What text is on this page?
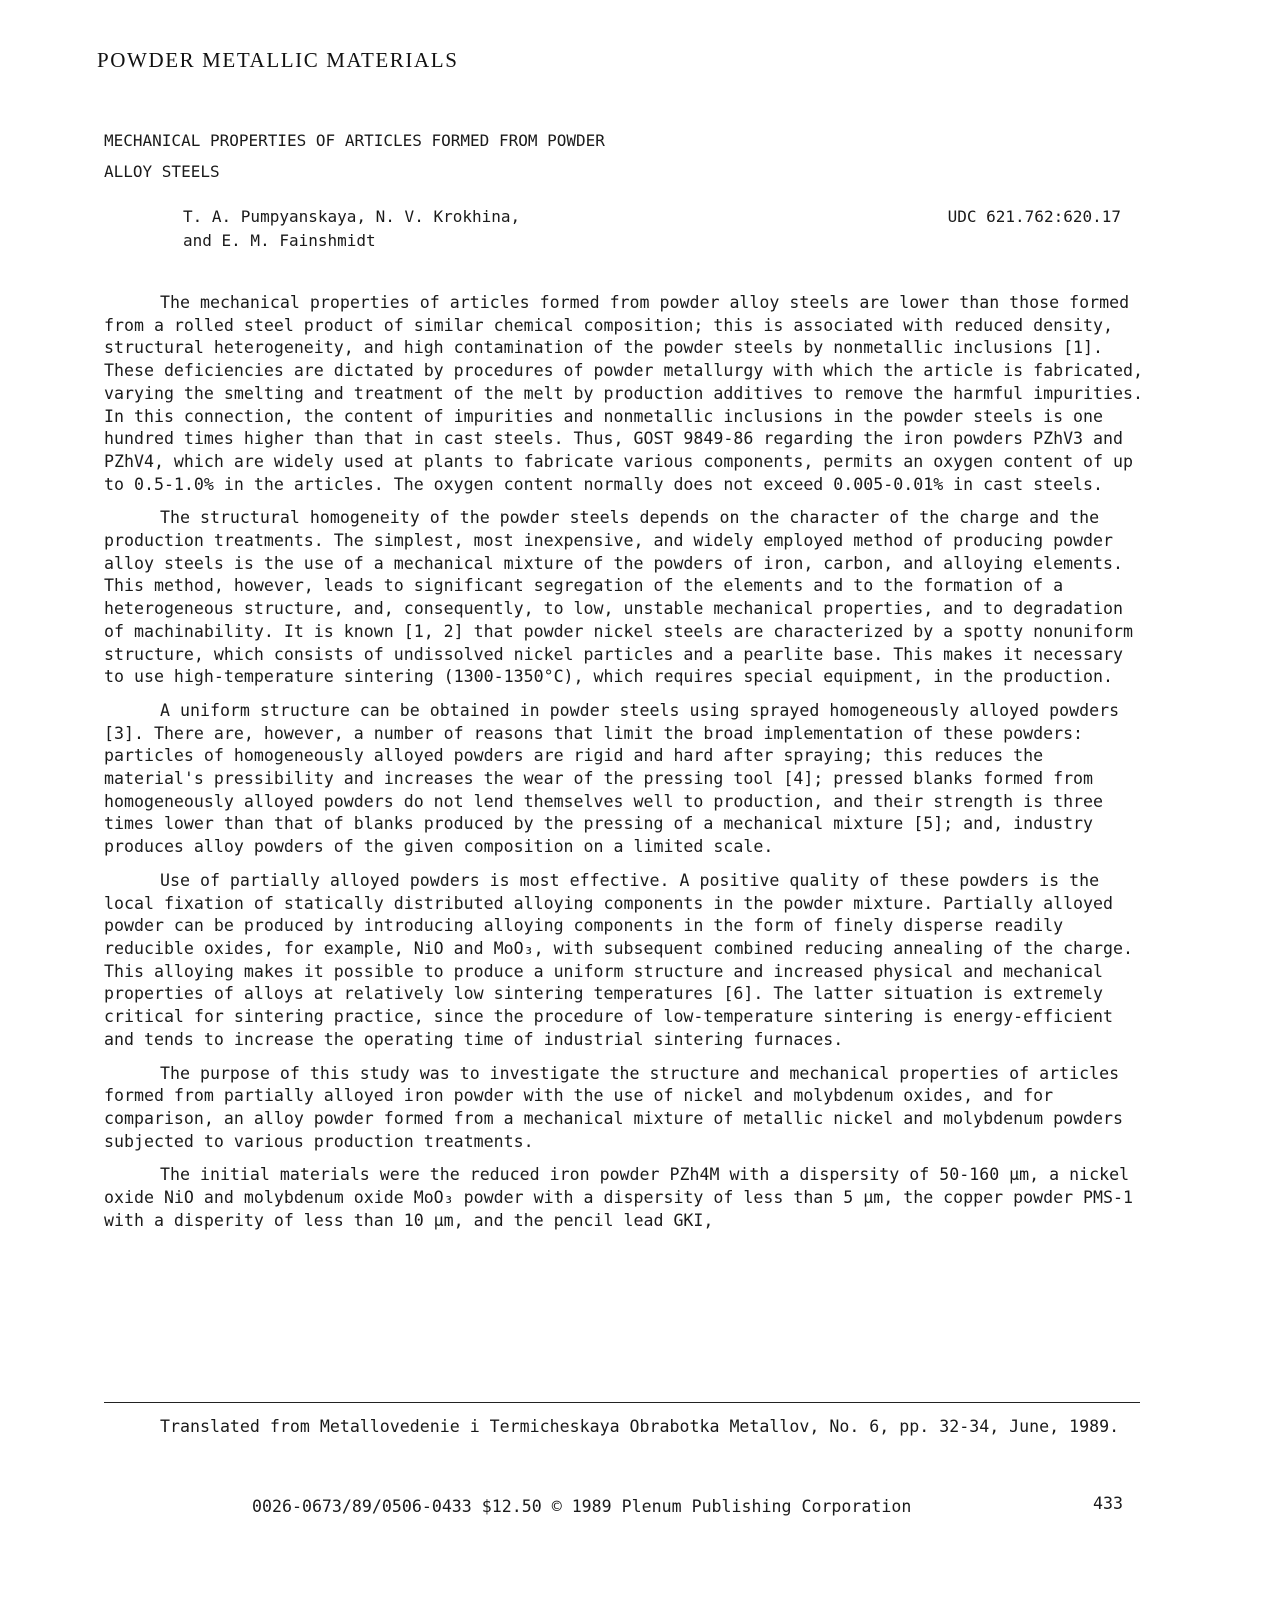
POWDER METALLIC MATERIALS
MECHANICAL PROPERTIES OF ARTICLES FORMED FROM POWDER
ALLOY STEELS
T. A. Pumpyanskaya, N. V. Krokhina,
and E. M. Fainshmidt
UDC 621.762:620.17

The mechanical properties of articles formed from powder alloy steels are lower than those formed from a rolled steel product of similar chemical composition; this is associated with reduced density, structural heterogeneity, and high contamination of the powder steels by nonmetallic inclusions [1]. These deficiencies are dictated by procedures of powder metallurgy with which the article is fabricated, varying the smelting and treatment of the melt by production additives to remove the harmful impurities. In this connection, the content of impurities and nonmetallic inclusions in the powder steels is one hundred times higher than that in cast steels. Thus, GOST 9849-86 regarding the iron powders PZhV3 and PZhV4, which are widely used at plants to fabricate various components, permits an oxygen content of up to 0.5-1.0% in the articles. The oxygen content normally does not exceed 0.005-0.01% in cast steels.

The structural homogeneity of the powder steels depends on the character of the charge and the production treatments. The simplest, most inexpensive, and widely employed method of producing powder alloy steels is the use of a mechanical mixture of the powders of iron, carbon, and alloying elements. This method, however, leads to significant segregation of the elements and to the formation of a heterogeneous structure, and, consequently, to low, unstable mechanical properties, and to degradation of machinability. It is known [1, 2] that powder nickel steels are characterized by a spotty nonuniform structure, which consists of undissolved nickel particles and a pearlite base. This makes it necessary to use high-temperature sintering (1300-1350°C), which requires special equipment, in the production.

A uniform structure can be obtained in powder steels using sprayed homogeneously alloyed powders [3]. There are, however, a number of reasons that limit the broad implementation of these powders: particles of homogeneously alloyed powders are rigid and hard after spraying; this reduces the material's pressibility and increases the wear of the pressing tool [4]; pressed blanks formed from homogeneously alloyed powders do not lend themselves well to production, and their strength is three times lower than that of blanks produced by the pressing of a mechanical mixture [5]; and, industry produces alloy powders of the given composition on a limited scale.

Use of partially alloyed powders is most effective. A positive quality of these powders is the local fixation of statically distributed alloying components in the powder mixture. Partially alloyed powder can be produced by introducing alloying components in the form of finely disperse readily reducible oxides, for example, NiO and MoO₃, with subsequent combined reducing annealing of the charge. This alloying makes it possible to produce a uniform structure and increased physical and mechanical properties of alloys at relatively low sintering temperatures [6]. The latter situation is extremely critical for sintering practice, since the procedure of low-temperature sintering is energy-efficient and tends to increase the operating time of industrial sintering furnaces.

The purpose of this study was to investigate the structure and mechanical properties of articles formed from partially alloyed iron powder with the use of nickel and molybdenum oxides, and for comparison, an alloy powder formed from a mechanical mixture of metallic nickel and molybdenum powders subjected to various production treatments.

The initial materials were the reduced iron powder PZh4M with a dispersity of 50-160 µm, a nickel oxide NiO and molybdenum oxide MoO₃ powder with a dispersity of less than 5 µm, the copper powder PMS-1 with a disperity of less than 10 µm, and the pencil lead GKI,

Translated from Metallovedenie i Termicheskaya Obrabotka Metallov, No. 6, pp. 32-34, June, 1989.
0026-0673/89/0506-0433 $12.50 © 1989 Plenum Publishing Corporation	433
